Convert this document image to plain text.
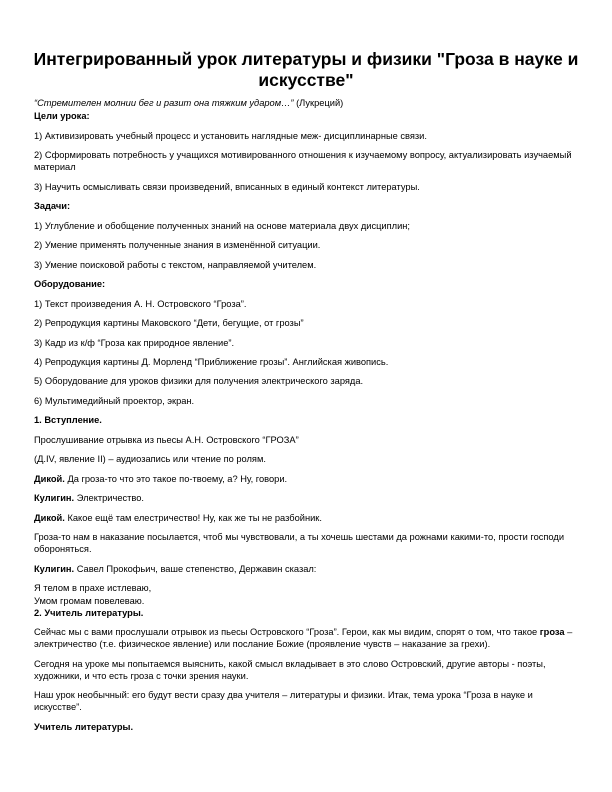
Интегрированный урок литературы и физики "Гроза в науке и искусстве"

“Стремителен молнии бег и разит она тяжким ударом…” (Лукреций)

Цели урока:

1) Активизировать учебный процесс и установить наглядные меж- дисциплинарные связи.

2) Сформировать потребность у учащихся мотивированного отношения к изучаемому вопросу, актуализировать изучаемый материал

3) Научить осмысливать связи произведений, вписанных в единый контекст литературы.

Задачи:

1) Углубление и обобщение полученных знаний на основе материала двух дисциплин;

2) Умение применять полученные знания в изменённой ситуации.

3) Умение поисковой работы с текстом, направляемой учителем.

Оборудование:

1) Текст произведения А. Н. Островского “Гроза”.

2) Репродукция картины Маковского “Дети, бегущие, от грозы”

3) Кадр из к/ф “Гроза как природное явление”.

4) Репродукция картины Д. Морленд “Приближение грозы”. Английская живопись.

5) Оборудование для уроков физики для получения электрического заряда.

6) Мультимедийный проектор, экран.

1. Вступление.

Прослушивание отрывка из пьесы А.Н. Островского “ГРОЗА”

(Д.IV, явление II) – аудиозапись или чтение по ролям.

Дикой. Да гроза-то что это такое по-твоему, а? Ну, говори.

Кулигин. Электричество.

Дикой. Какое ещё там елестричество! Ну, как же ты не разбойник.

Гроза-то нам в наказание посылается, чтоб мы чувствовали, а ты хочешь шестами да рожнами какими-то, прости господи обороняться.

Кулигин. Савел Прокофьич, ваше степенство, Державин сказал:

Я телом в прахе истлеваю,

Умом громам повелеваю.

2. Учитель литературы.

Сейчас мы с вами прослушали отрывок из пьесы Островского “Гроза”. Герои, как мы видим, спорят о том, что такое гроза – электричество (т.е. физическое явление) или послание Божие (проявление чувств – наказание за грехи).

Сегодня на уроке мы попытаемся выяснить, какой смысл вкладывает в это слово Островский, другие авторы - поэты, художники, и что есть гроза с точки зрения науки.

Наш урок необычный: его будут вести сразу два учителя – литературы и физики. Итак, тема урока “Гроза в науке и искусстве”.

Учитель литературы.
